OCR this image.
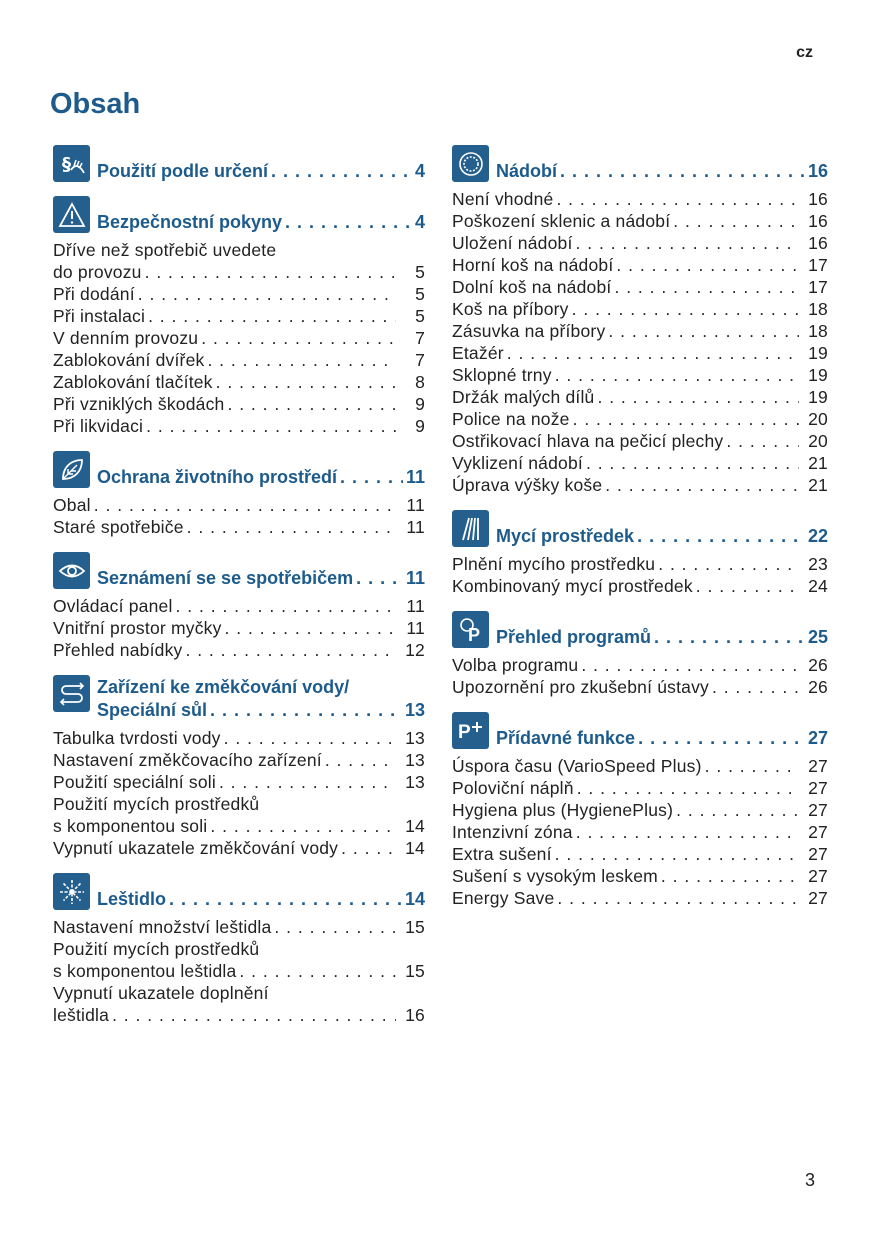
cz
Obsah
§ Použití podle určení . . .	4
Bezpečnostní pokyny . . .	4
Dříve než spotřebič uvedete
do provozu . . .	5
Při dodání . . .	5
Při instalaci . . .	5
V denním provozu . . .	7
Zablokování dvířek . . .	7
Zablokování tlačítek . . .	8
Při vzniklých škodách . . .	9
Při likvidaci . . .	9
Ochrana životního prostředí . . .	11
Obal . . .	11
Staré spotřebiče . . .	11
Seznámení se se spotřebičem . . .	11
Ovládací panel . . .	11
Vnitřní prostor myčky . . .	11
Přehled nabídky . . .	12
Zařízení ke změkčování vody/
Speciální sůl . . .	13
Tabulka tvrdosti vody . . .	13
Nastavení změkčovacího zařízení . . .	13
Použití speciální soli . . .	13
Použití mycích prostředků
s komponentou soli . . .	14
Vypnutí ukazatele změkčování vody . . .	14
Leštidlo . . .	14
Nastavení množství leštidla . . .	15
Použití mycích prostředků
s komponentou leštidla . . .	15
Vypnutí ukazatele doplnění
leštidla . . .	16
Nádobí . . .	16
Není vhodné . . .	16
Poškození sklenic a nádobí . . .	16
Uložení nádobí . . .	16
Horní koš na nádobí . . .	17
Dolní koš na nádobí . . .	17
Koš na příbory . . .	18
Zásuvka na příbory . . .	18
Etažér . . .	19
Sklopné trny . . .	19
Držák malých dílů . . .	19
Police na nože . . .	20
Ostřikovací hlava na pečicí plechy . . .	20
Vyklizení nádobí . . .	21
Úprava výšky koše . . .	21
Mycí prostředek . . .	22
Plnění mycího prostředku . . .	23
Kombinovaný mycí prostředek . . .	24
P Přehled programů . . .	25
Volba programu . . .	26
Upozornění pro zkušební ústavy . . .	26
P Přídavné funkce . . .	27
Úspora času (VarioSpeed Plus) . . .	27
Poloviční náplň . . .	27
Hygiena plus (HygienePlus) . . .	27
Intenzivní zóna . . .	27
Extra sušení . . .	27
Sušení s vysokým leskem . . .	27
Energy Save . . .	27
3
